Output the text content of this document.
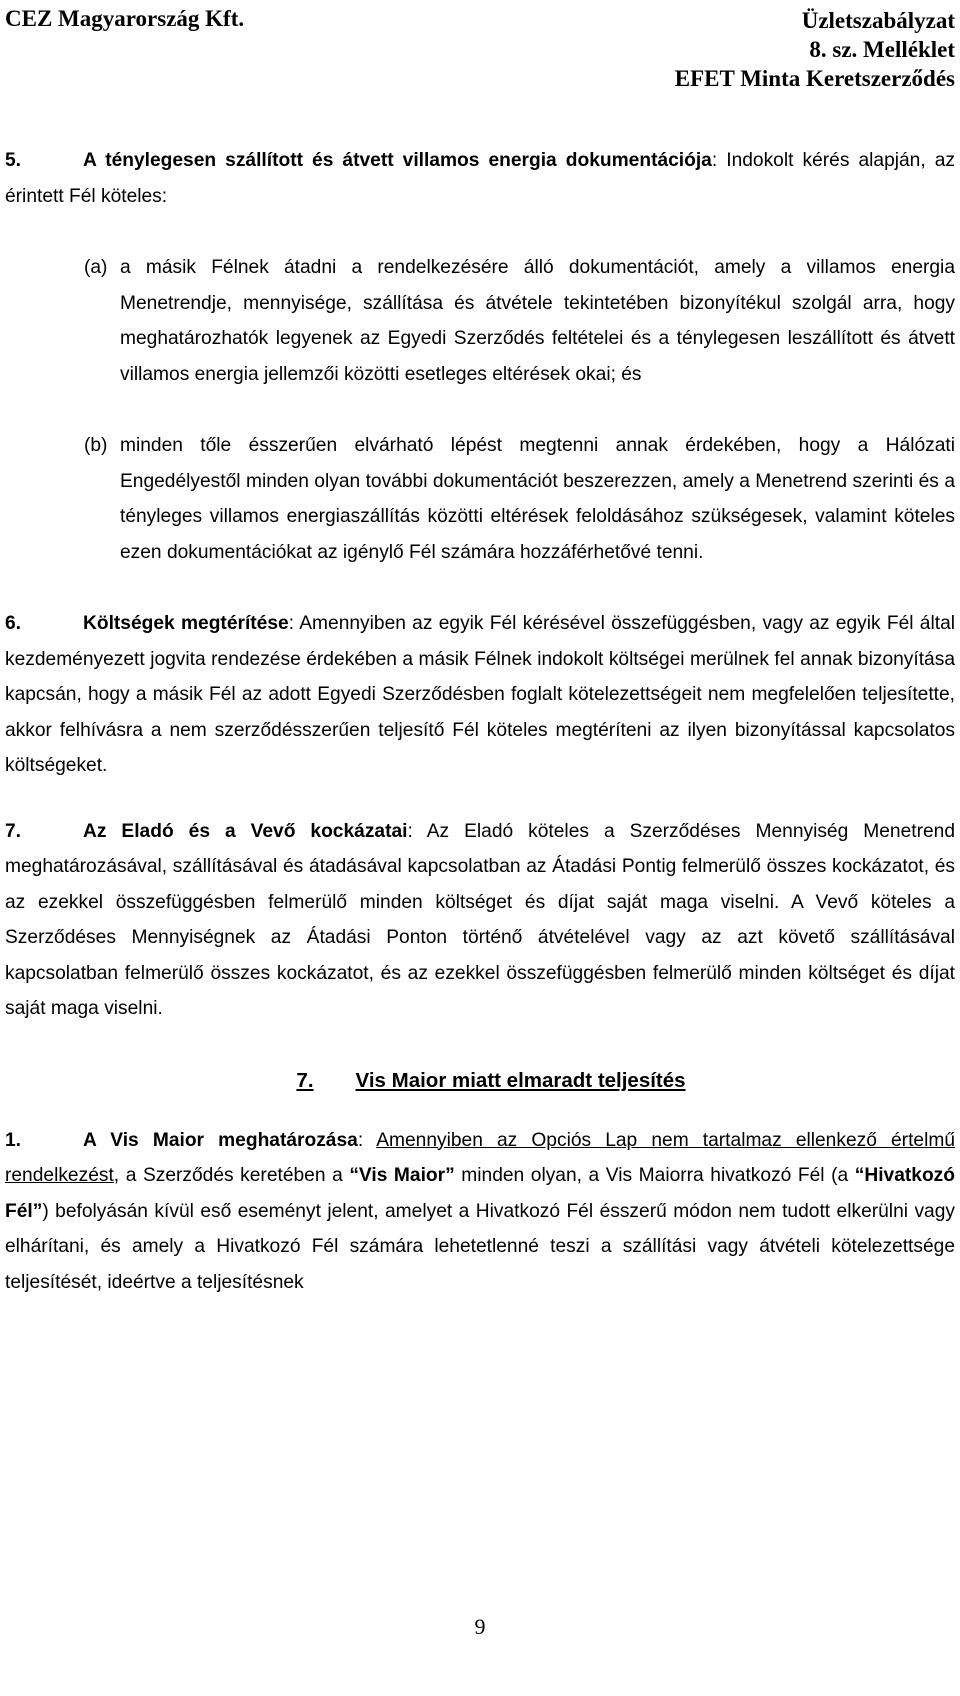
CEZ Magyarország Kft.	Üzletszabályzat
8. sz. Melléklet
EFET Minta Keretszerződés

5.	A ténylegesen szállított és átvett villamos energia dokumentációja: Indokolt kérés alapján, az érintett Fél köteles:

(a) a másik Félnek átadni a rendelkezésére álló dokumentációt, amely a villamos energia Menetrendje, mennyisége, szállítása és átvétele tekintetében bizonyítékul szolgál arra, hogy meghatározhatók legyenek az Egyedi Szerződés feltételei és a ténylegesen leszállított és átvett villamos energia jellemzői közötti esetleges eltérések okai; és
(b) minden tőle ésszerűen elvárható lépést megtenni annak érdekében, hogy a Hálózati Engedélyestől minden olyan további dokumentációt beszerezzen, amely a Menetrend szerinti és a tényleges villamos energiaszállítás közötti eltérések feloldásához szükségesek, valamint köteles ezen dokumentációkat az igénylő Fél számára hozzáférhetővé tenni.

6.	Költségek megtérítése: Amennyiben az egyik Fél kérésével összefüggésben, vagy az egyik Fél által kezdeményezett jogvita rendezése érdekében a másik Félnek indokolt költségei merülnek fel annak bizonyítása kapcsán, hogy a másik Fél az adott Egyedi Szerződésben foglalt kötelezettségeit nem megfelelően teljesítette, akkor felhívásra a nem szerződésszerűen teljesítő Fél köteles megtéríteni az ilyen bizonyítással kapcsolatos költségeket.

7.	Az Eladó és a Vevő kockázatai: Az Eladó köteles a Szerződéses Mennyiség Menetrend meghatározásával, szállításával és átadásával kapcsolatban az Átadási Pontig felmerülő összes kockázatot, és az ezekkel összefüggésben felmerülő minden költséget és díjat saját maga viselni. A Vevő köteles a Szerződéses Mennyiségnek az Átadási Ponton történő átvételével vagy az azt követő szállításával kapcsolatban felmerülő összes kockázatot, és az ezekkel összefüggésben felmerülő minden költséget és díjat saját maga viselni.

7. Vis Maior miatt elmaradt teljesítés

1.	A Vis Maior meghatározása: Amennyiben az Opciós Lap nem tartalmaz ellenkező értelmű rendelkezést, a Szerződés keretében a “Vis Maior” minden olyan, a Vis Maiorra hivatkozó Fél (a “Hivatkozó Fél”) befolyásán kívül eső eseményt jelent, amelyet a Hivatkozó Fél ésszerű módon nem tudott elkerülni vagy elhárítani, és amely a Hivatkozó Fél számára lehetetlenné teszi a szállítási vagy átvételi kötelezettsége teljesítését, ideértve a teljesítésnek

9
